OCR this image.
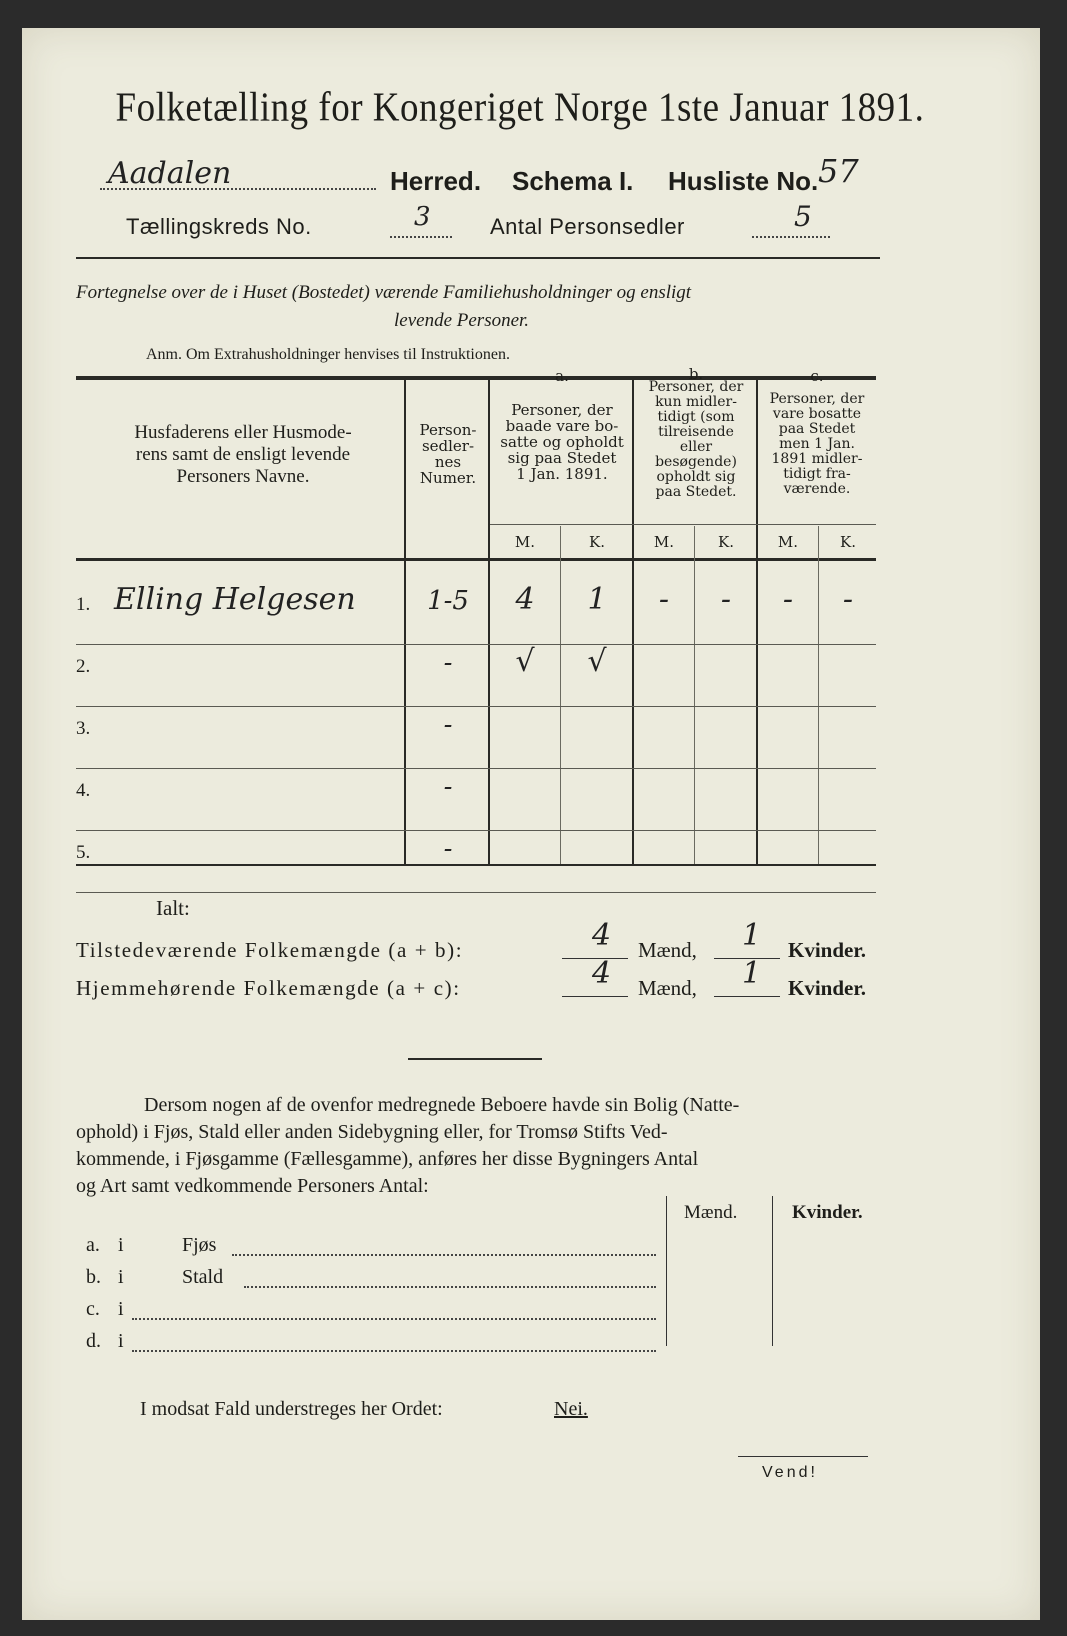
Folketælling for Kongeriget Norge 1ste Januar 1891.
Aadalen	Herred. Schema I. Husliste No. 57
Tællingskreds No.	3	Antal Personsedler	5
Fortegnelse over de i Huset (Bostedet) værende Familiehusholdninger og ensligt
levende Personer.
Anm. Om Extrahusholdninger henvises til Instruktionen.
Husfaderens eller Husmode-
rens samt de ensligt levende
Personers Navne.
Person-
sedler-
nes
Numer.
a.
Personer, der
baade vare bo-
satte og opholdt
sig paa Stedet
1 Jan. 1891.
b.
Personer, der
kun midler-
tidigt (som
tilreisende
eller
besøgende)
opholdt sig
paa Stedet.
c.
Personer, der
vare bosatte
paa Stedet
men 1 Jan.
1891 midler-
tidigt fra-
værende.
M.	K.	M.	K.	M.	K.
1. Elling Helgesen	1-5	4	1	-	-	-	-
2.	-	√	√
3.	-
4.	-
5.	-
Ialt:
Tilstedeværende Folkemængde (a + b):	4 Mænd, 1 Kvinder.
Hjemmehørende Folkemængde (a + c):	4 Mænd, 1 Kvinder.
Dersom nogen af de ovenfor medregnede Beboere havde sin Bolig (Natte-
ophold) i Fjøs, Stald eller anden Sidebygning eller, for Tromsø Stifts Ved-
kommende, i Fjøsgamme (Fællesgamme), anføres her disse Bygningers Antal
og Art samt vedkommende Personers Antal:
Mænd.	Kvinder.
a. i	Fjøs
b. i	Stald
c. i
d. i
I modsat Fald understreges her Ordet:	Nei.
Vend!
